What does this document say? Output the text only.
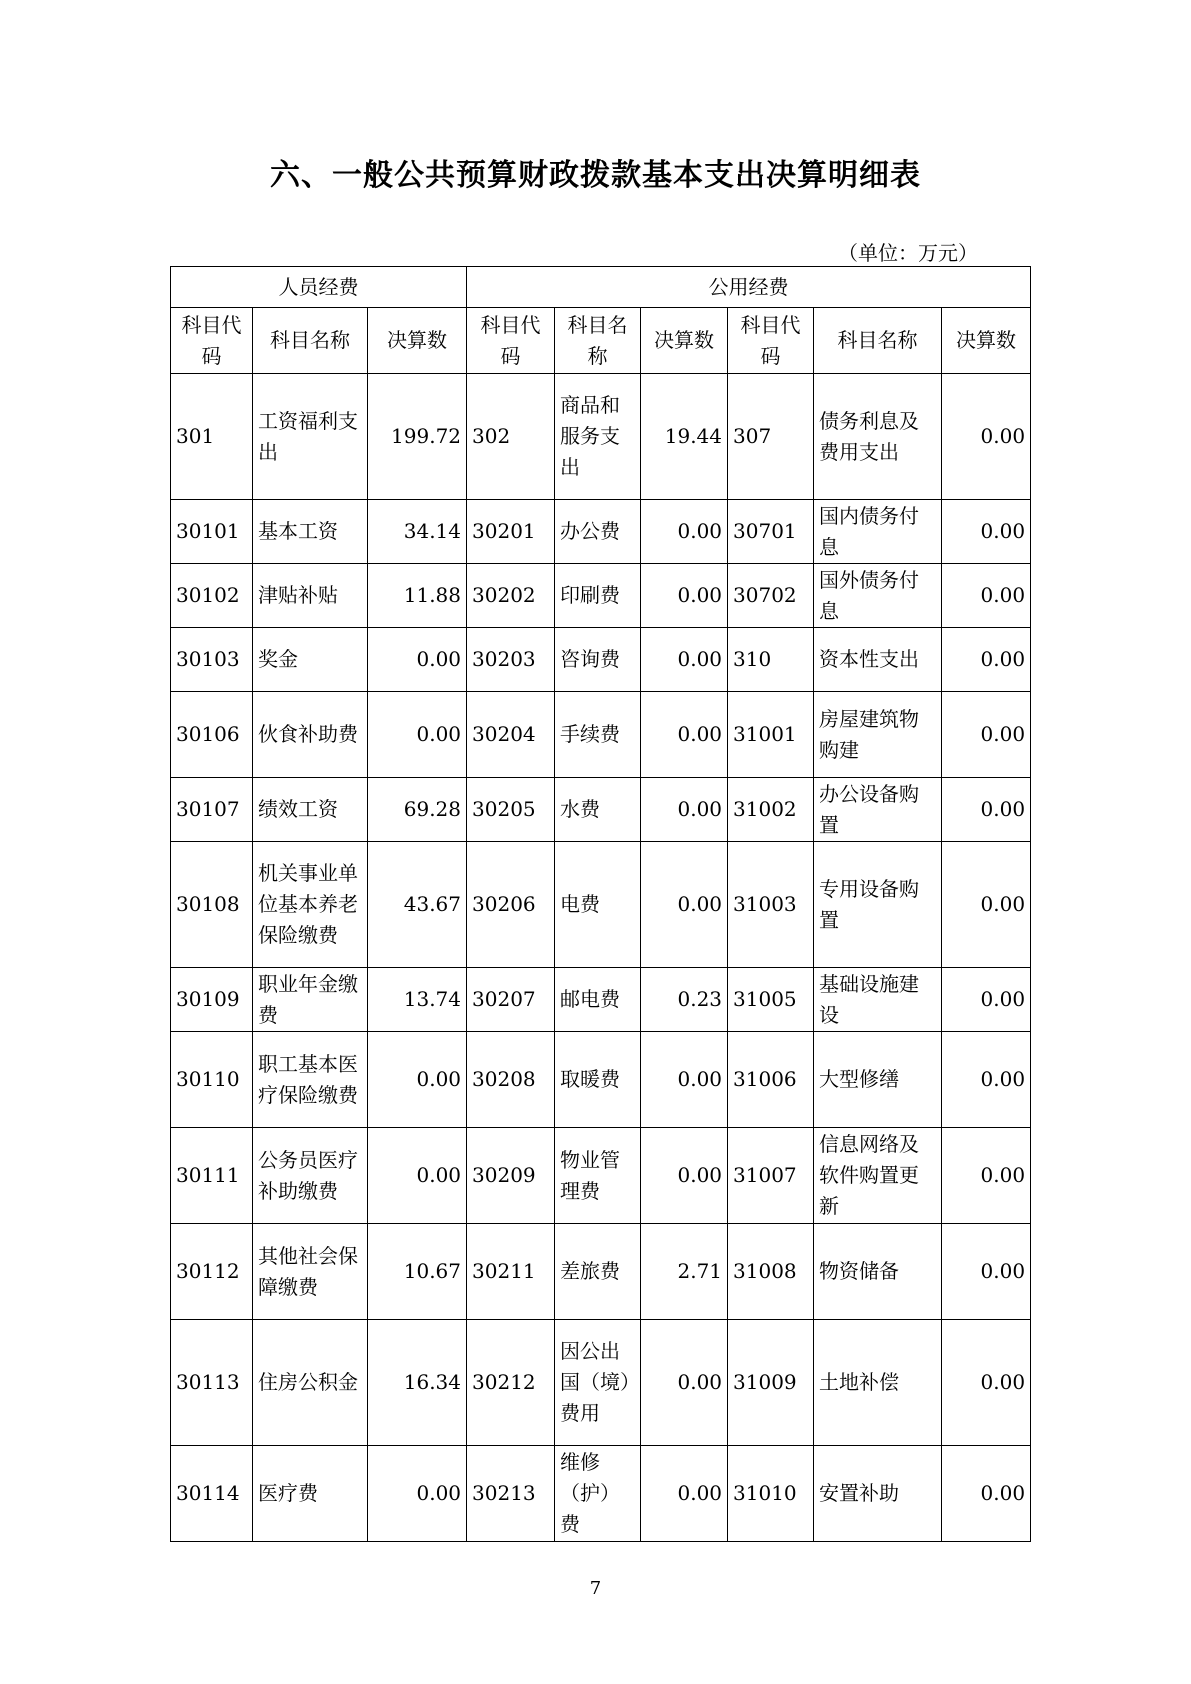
六、一般公共预算财政拨款基本支出决算明细表
（单位：万元）
人员经费			公用经费					
科目代码	科目名称	决算数	科目代码	科目名称	决算数	科目代码	科目名称	决算数
301	工资福利支出	199.72	302	商品和服务支出	19.44	307	债务利息及费用支出	0.00
30101	基本工资	34.14	30201	办公费	0.00	30701	国内债务付息	0.00
30102	津贴补贴	11.88	30202	印刷费	0.00	30702	国外债务付息	0.00
30103	奖金	0.00	30203	咨询费	0.00	310	资本性支出	0.00
30106	伙食补助费	0.00	30204	手续费	0.00	31001	房屋建筑物购建	0.00
30107	绩效工资	69.28	30205	水费	0.00	31002	办公设备购置	0.00
30108	机关事业单位基本养老保险缴费	43.67	30206	电费	0.00	31003	专用设备购置	0.00
30109	职业年金缴费	13.74	30207	邮电费	0.23	31005	基础设施建设	0.00
30110	职工基本医疗保险缴费	0.00	30208	取暖费	0.00	31006	大型修缮	0.00
30111	公务员医疗补助缴费	0.00	30209	物业管理费	0.00	31007	信息网络及软件购置更新	0.00
30112	其他社会保障缴费	10.67	30211	差旅费	2.71	31008	物资储备	0.00
30113	住房公积金	16.34	30212	因公出国（境）费用	0.00	31009	土地补偿	0.00
30114	医疗费	0.00	30213	维修（护）费	0.00	31010	安置补助	0.00
7
